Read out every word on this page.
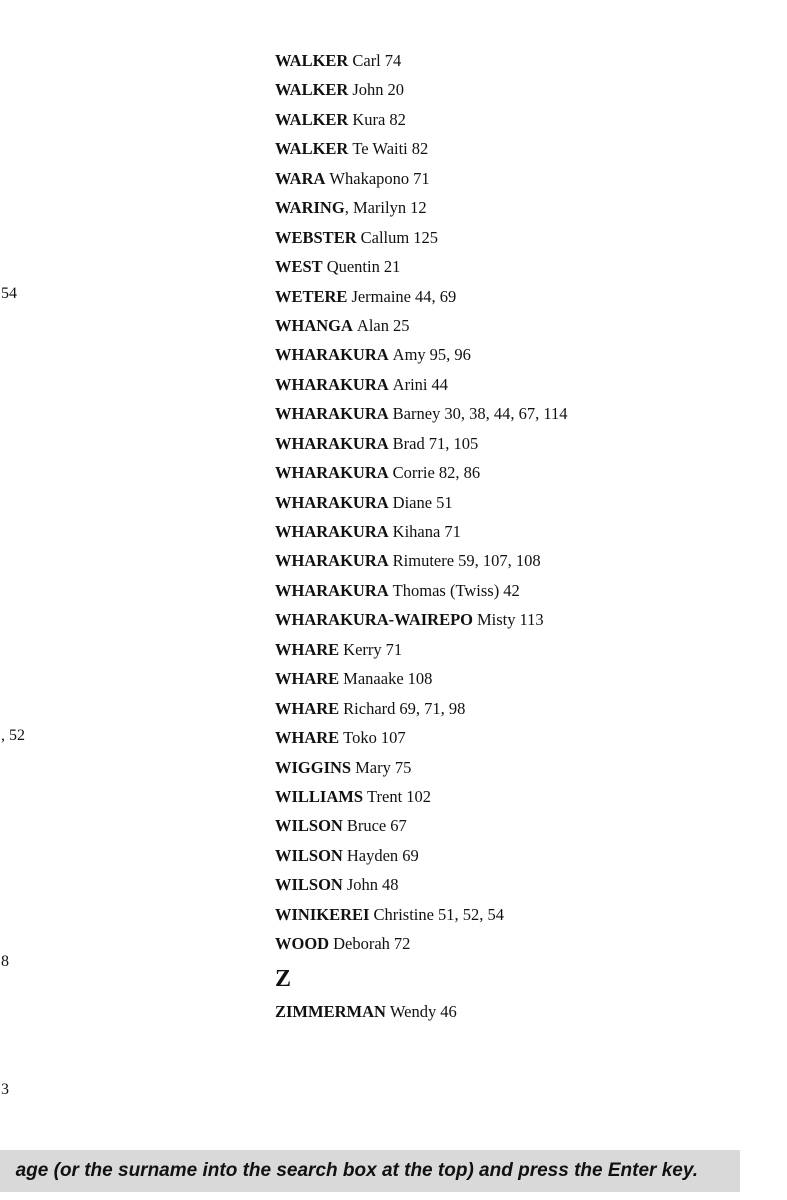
54
, 52
8
3
WALKER Carl 74
WALKER John 20
WALKER Kura 82
WALKER Te Waiti 82
WARA Whakapono 71
WARING, Marilyn 12
WEBSTER Callum 125
WEST Quentin 21
WETERE Jermaine 44, 69
WHANGA Alan 25
WHARAKURA Amy 95, 96
WHARAKURA Arini 44
WHARAKURA Barney 30, 38, 44, 67, 114
WHARAKURA Brad 71, 105
WHARAKURA Corrie 82, 86
WHARAKURA Diane 51
WHARAKURA Kihana 71
WHARAKURA Rimutere 59, 107, 108
WHARAKURA Thomas (Twiss) 42
WHARAKURA-WAIREPO Misty 113
WHARE Kerry 71
WHARE Manaake 108
WHARE Richard 69, 71, 98
WHARE Toko 107
WIGGINS Mary 75
WILLIAMS Trent 102
WILSON Bruce 67
WILSON Hayden 69
WILSON John 48
WINIKEREI Christine 51, 52, 54
WOOD Deborah 72
Z
ZIMMERMAN Wendy 46
age (or the surname into the search box at the top) and press the Enter key.
